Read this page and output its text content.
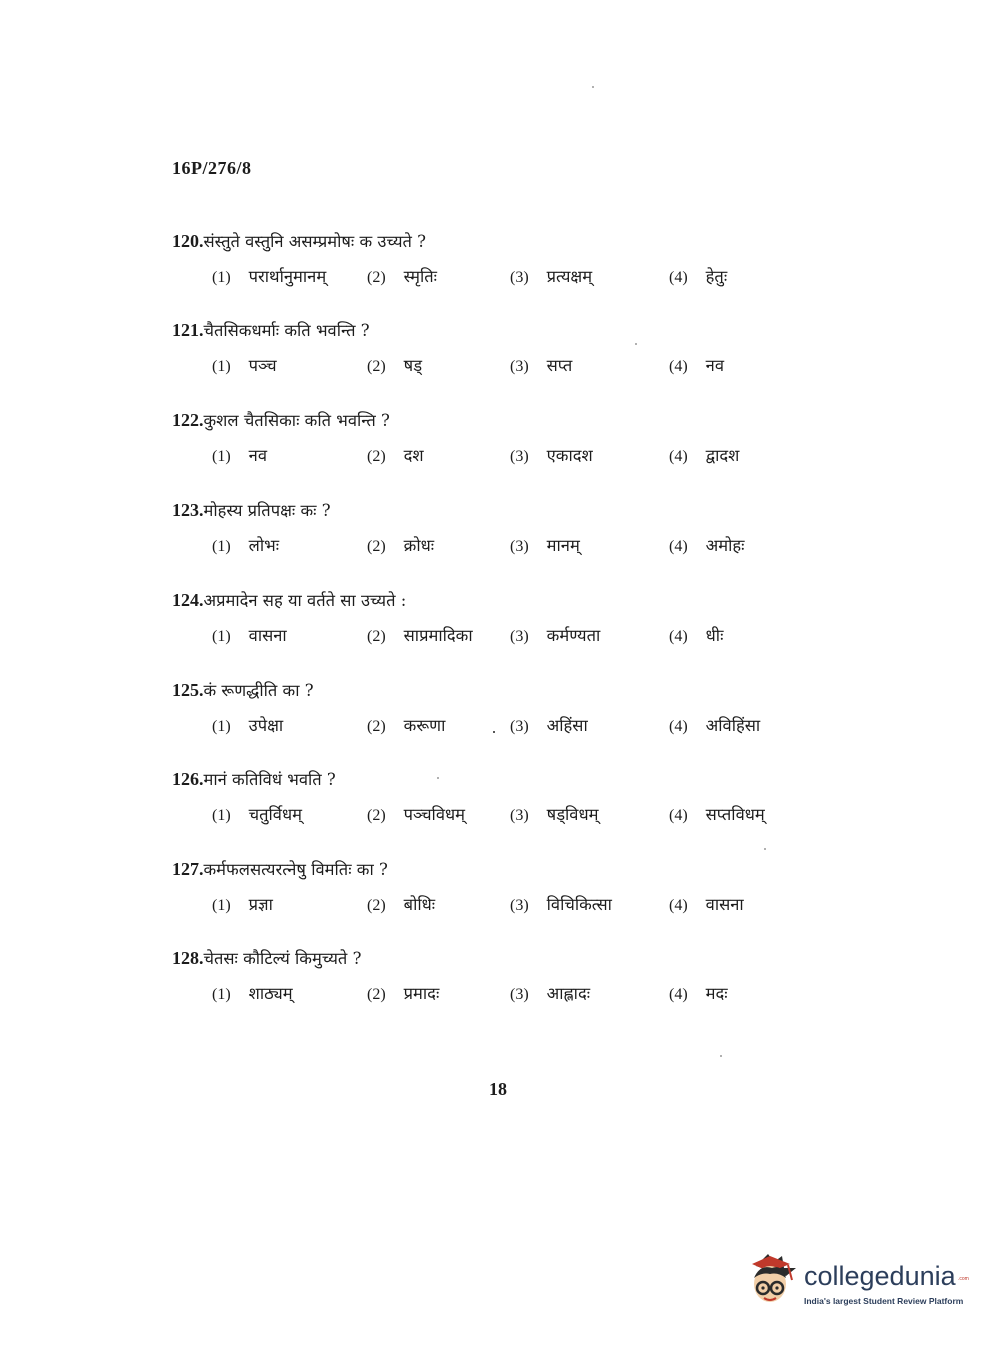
16P/276/8
120.संस्तुते वस्तुनि असम्प्रमोषः क उच्यते ?
(1) परार्थानुमानम्	(2) स्मृतिः	(3) प्रत्यक्षम्	(4) हेतुः
121.चैतसिकधर्माः कति भवन्ति ?
(1) पञ्च	(2) षड्	(3) सप्त	(4) नव
122.कुशल चैतसिकाः कति भवन्ति ?
(1) नव	(2) दश	(3) एकादश	(4) द्वादश
123.मोहस्य प्रतिपक्षः कः ?
(1) लोभः	(2) क्रोधः	(3) मानम्	(4) अमोहः
124.अप्रमादेन सह या वर्तते सा उच्यते :
(1) वासना	(2) साप्रमादिका (3) कर्मण्यता	(4) धीः
125.कं रूणद्धीति का ?
(1) उपेक्षा	(2) करूणा	(3) अहिंसा	(4) अविहिंसा
126.मानं कतिविधं भवति ?
(1) चतुर्विधम्	(2) पञ्चविधम्	(3) षड्विधम्	(4) सप्तविधम्
127.कर्मफलसत्यरत्नेषु विमतिः का ?
(1) प्रज्ञा	(2) बोधिः	(3) विचिकित्सा	(4) वासना
128.चेतसः कौटिल्यं किमुच्यते ?
(1) शाठ्यम्	(2) प्रमादः	(3) आह्लादः	(4) मदः
18
collegedunia .com
India's largest Student Review Platform
